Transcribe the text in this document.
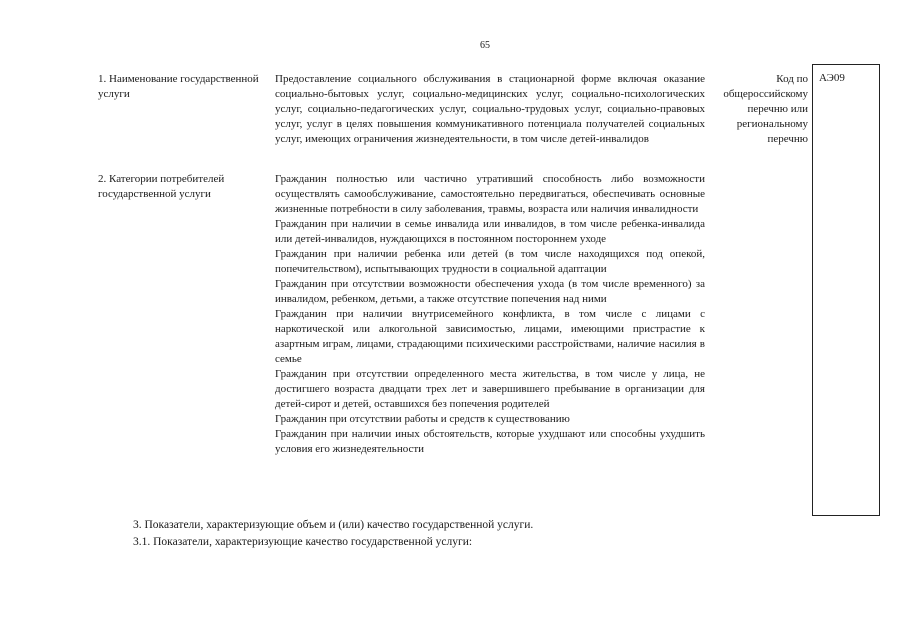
65
1. Наименование государственной услуги
Предоставление социального обслуживания в стационарной форме включая оказание социально-бытовых услуг, социально-медицинских услуг, социально-психологических услуг, социально-педагогических услуг, социально-трудовых услуг, социально-правовых услуг, услуг в целях повышения коммуникативного потенциала получателей социальных услуг, имеющих ограничения жизнедеятельности, в том числе детей-инвалидов
Код по общероссийскому перечню или региональному перечню
АЭ09
2. Категории потребителей государственной услуги

Гражданин полностью или частично утративший способность либо возможности осуществлять самообслуживание, самостоятельно передвигаться, обеспечивать основные жизненные потребности в силу заболевания, травмы, возраста или наличия инвалидности

Гражданин при наличии в семье инвалида или инвалидов, в том числе ребенка-инвалида или детей-инвалидов, нуждающихся в постоянном постороннем уходе

Гражданин при наличии ребенка или детей (в том числе находящихся под опекой, попечительством), испытывающих трудности в социальной адаптации

Гражданин при отсутствии возможности обеспечения ухода (в том числе временного) за инвалидом, ребенком, детьми, а также отсутствие попечения над ними

Гражданин при наличии внутрисемейного конфликта, в том числе с лицами с наркотической или алкогольной зависимостью, лицами, имеющими пристрастие к азартным играм, лицами, страдающими психическими расстройствами, наличие насилия в семье

Гражданин при отсутствии определенного места жительства, в том числе у лица, не достигшего возраста двадцати трех лет и завершившего пребывание в организации для детей-сирот и детей, оставшихся без попечения родителей

Гражданин при отсутствии работы и средств к существованию

Гражданин при наличии иных обстоятельств, которые ухудшают или способны ухудшить условия его жизнедеятельности

3. Показатели, характеризующие объем и (или) качество государственной услуги.
3.1. Показатели, характеризующие качество государственной услуги:
